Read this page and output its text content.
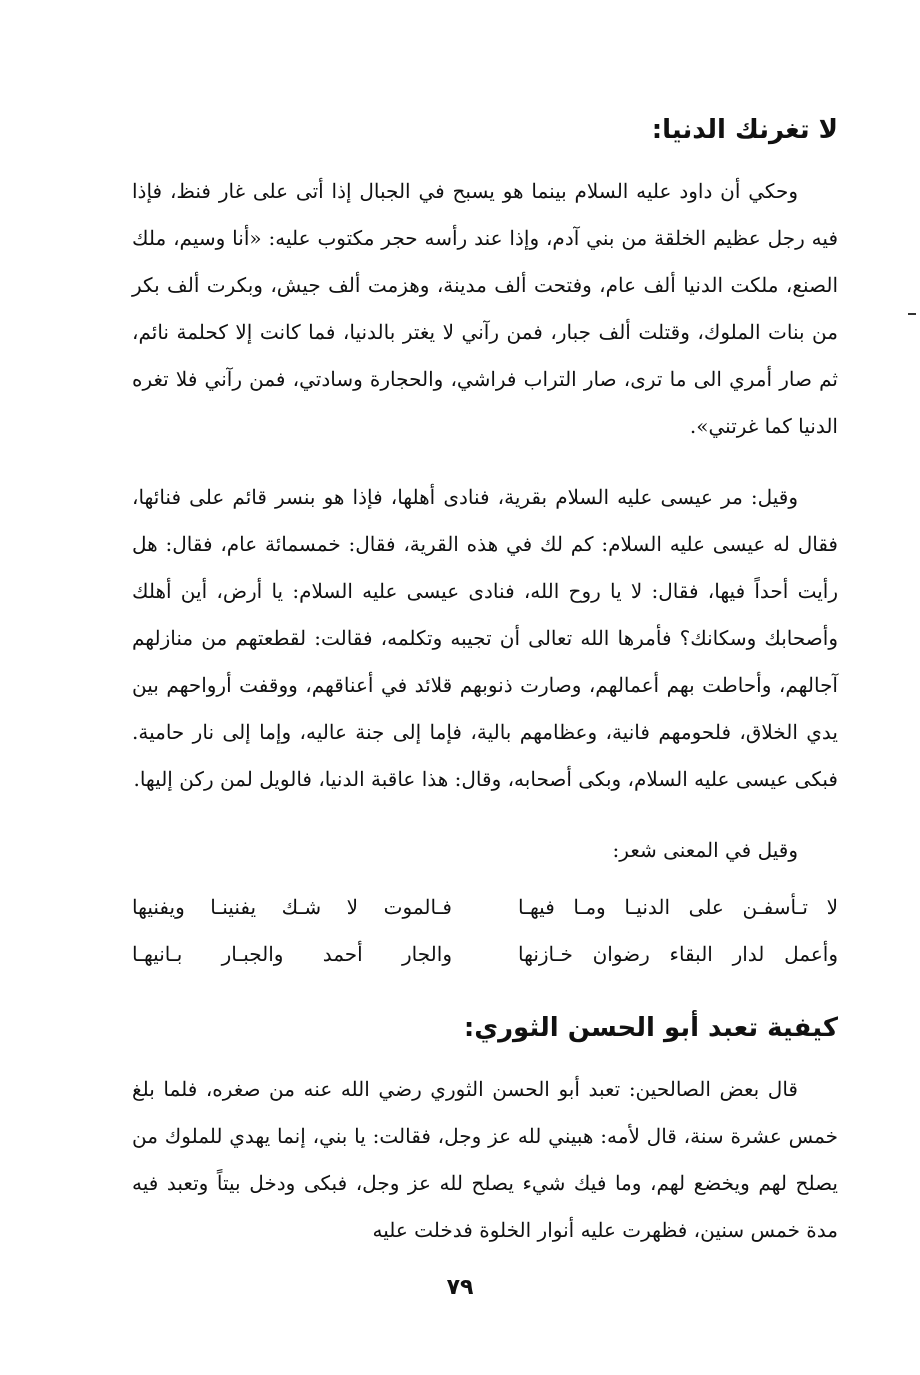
لا تغرنك الدنيا:

وحكي أن داود عليه السلام بينما هو يسبح في الجبال إذا أتى على غار فنظ، فإذا فيه رجل عظيم الخلقة من بني آدم، وإذا عند رأسه حجر مكتوب عليه: «أنا وسيم، ملك الصنع، ملكت الدنيا ألف عام، وفتحت ألف مدينة، وهزمت ألف جيش، وبكرت ألف بكر من بنات الملوك، وقتلت ألف جبار، فمن رآني لا يغتر بالدنيا، فما كانت إلا كحلمة نائم، ثم صار أمري الى ما ترى، صار التراب فراشي، والحجارة وسادتي، فمن رآني فلا تغره الدنيا كما غرتني».

وقيل: مر عيسى عليه السلام بقرية، فنادى أهلها، فإذا هو بنسر قائم على فنائها، فقال له عيسى عليه السلام: كم لك في هذه القرية، فقال: خمسمائة عام، فقال: هل رأيت أحداً فيها، فقال: لا يا روح الله، فنادى عيسى عليه السلام: يا أرض، أين أهلك وأصحابك وسكانك؟ فأمرها الله تعالى أن تجيبه وتكلمه، فقالت: لقطعتهم من منازلهم آجالهم، وأحاطت بهم أعمالهم، وصارت ذنوبهم قلائد في أعناقهم، ووقفت أرواحهم بين يدي الخلاق، فلحومهم فانية، وعظامهم بالية، فإما إلى جنة عاليه، وإما إلى نار حامية. فبكى عيسى عليه السلام، وبكى أصحابه، وقال: هذا عاقبة الدنيا، فالويل لمن ركن إليها.

وقيل في المعنى شعر:

لا تـأسفـن على الدنيـا ومـا فيهـا
فـالموت لا شـك يفنينـا ويفنيها
وأعمل لدار البقاء رضوان خـازنها
والجار أحمد والجبـار بـانيهـا
كيفية تعبد أبو الحسن الثوري:

قال بعض الصالحين: تعبد أبو الحسن الثوري رضي الله عنه من صغره، فلما بلغ خمس عشرة سنة، قال لأمه: هبيني لله عز وجل، فقالت: يا بني، إنما يهدي للملوك من يصلح لهم ويخضع لهم، وما فيك شيء يصلح لله عز وجل، فبكى ودخل بيتاً وتعبد فيه مدة خمس سنين، فظهرت عليه أنوار الخلوة فدخلت عليه

٧٩
